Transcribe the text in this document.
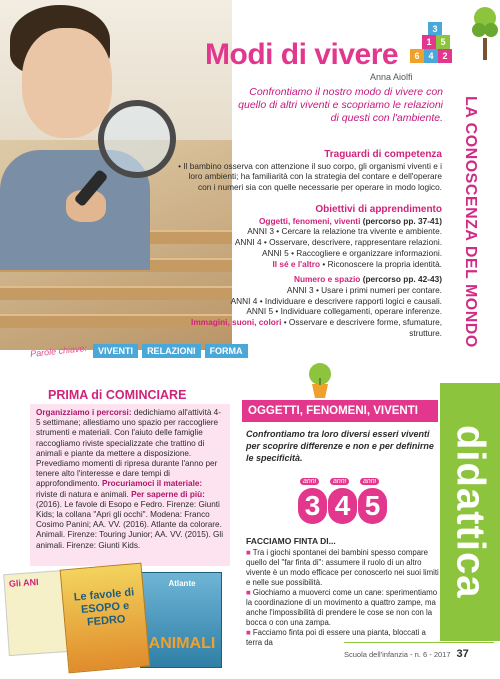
Parole chiave:	VIVENTI	RELAZIONI	FORMA
Modi di vivere
Anna Aiolfi
3
1 5
6 4 2
Confrontiamo il nostro modo di vivere con quello di altri viventi e scopriamo le relazioni di questi con l'ambiente.	LA CONOSCENZA DEL MONDO
Traguardi di competenza
• Il bambino osserva con attenzione il suo corpo, gli organismi viventi e i loro ambienti; ha familiarità con la strategia del contare e dell'operare con i numeri sia con quelle necessarie per operare in modo logico.
Obiettivi di apprendimento
Oggetti, fenomeni, viventi (percorso pp. 37-41)
ANNI 3 • Cercare la relazione tra vivente e ambiente.
ANNI 4 • Osservare, descrivere, rappresentare relazioni.
ANNI 5 • Raccogliere e organizzare informazioni.
Il sé e l'altro • Riconoscere la propria identità.
Numero e spazio (percorso pp. 42-43)
ANNI 3 • Usare i primi numeri per contare.
ANNI 4 • Individuare e descrivere rapporti logici e causali.
ANNI 5 • Individuare collegamenti, operare inferenze.
Immagini, suoni, colori • Osservare e descrivere forme, sfumature, strutture.
didattica
PRIMA di COMINCIARE

Organizziamo i percorsi: dedichiamo all'attività 4-5 settimane; allestiamo uno spazio per raccogliere strumenti e materiali. Con l'aiuto delle famiglie raccogliamo riviste specializzate che trattino di animali e piante da mettere a disposizione. Prevediamo momenti di ripresa durante l'anno per tenere alto l'interesse e dare tempi di approfondimento. Procuriamoci il materiale: riviste di natura e animali. Per saperne di più: (2016). Le favole di Esopo e Fedro. Firenze: Giunti Kids; la collana "Apri gli occhi". Modena: Franco Cosimo Panini; AA. VV. (2016). Atlante da colorare. Animali. Firenze: Touring Junior; AA. VV. (2015). Gli animali. Firenze: Giunti Kids.

Gli ANI	Atlante
ANIMALI
Le favole di ESOPO e FEDRO
OGGETTI, FENOMENI, VIVENTI
Confrontiamo tra loro diversi esseri viventi per scoprire differenze e non e per definirne le specificità.
3 4 5
anni	anni	anni
FACCIAMO FINTA DI...
■ Tra i giochi spontanei dei bambini spesso compare quello del "far finta di": assumere il ruolo di un altro vivente è un modo efficace per conoscerlo nei suoi limiti e nelle sue possibilità.
■ Giochiamo a muoverci come un cane: sperimentiamo la coordinazione di un movimento a quattro zampe, ma anche l'impossibilità di prendere le cose se non con la bocca o con una zampa.
■ Facciamo finta poi di essere una pianta, bloccati a terra da
Scuola dell'infanzia - n. 6 - 2017 37
